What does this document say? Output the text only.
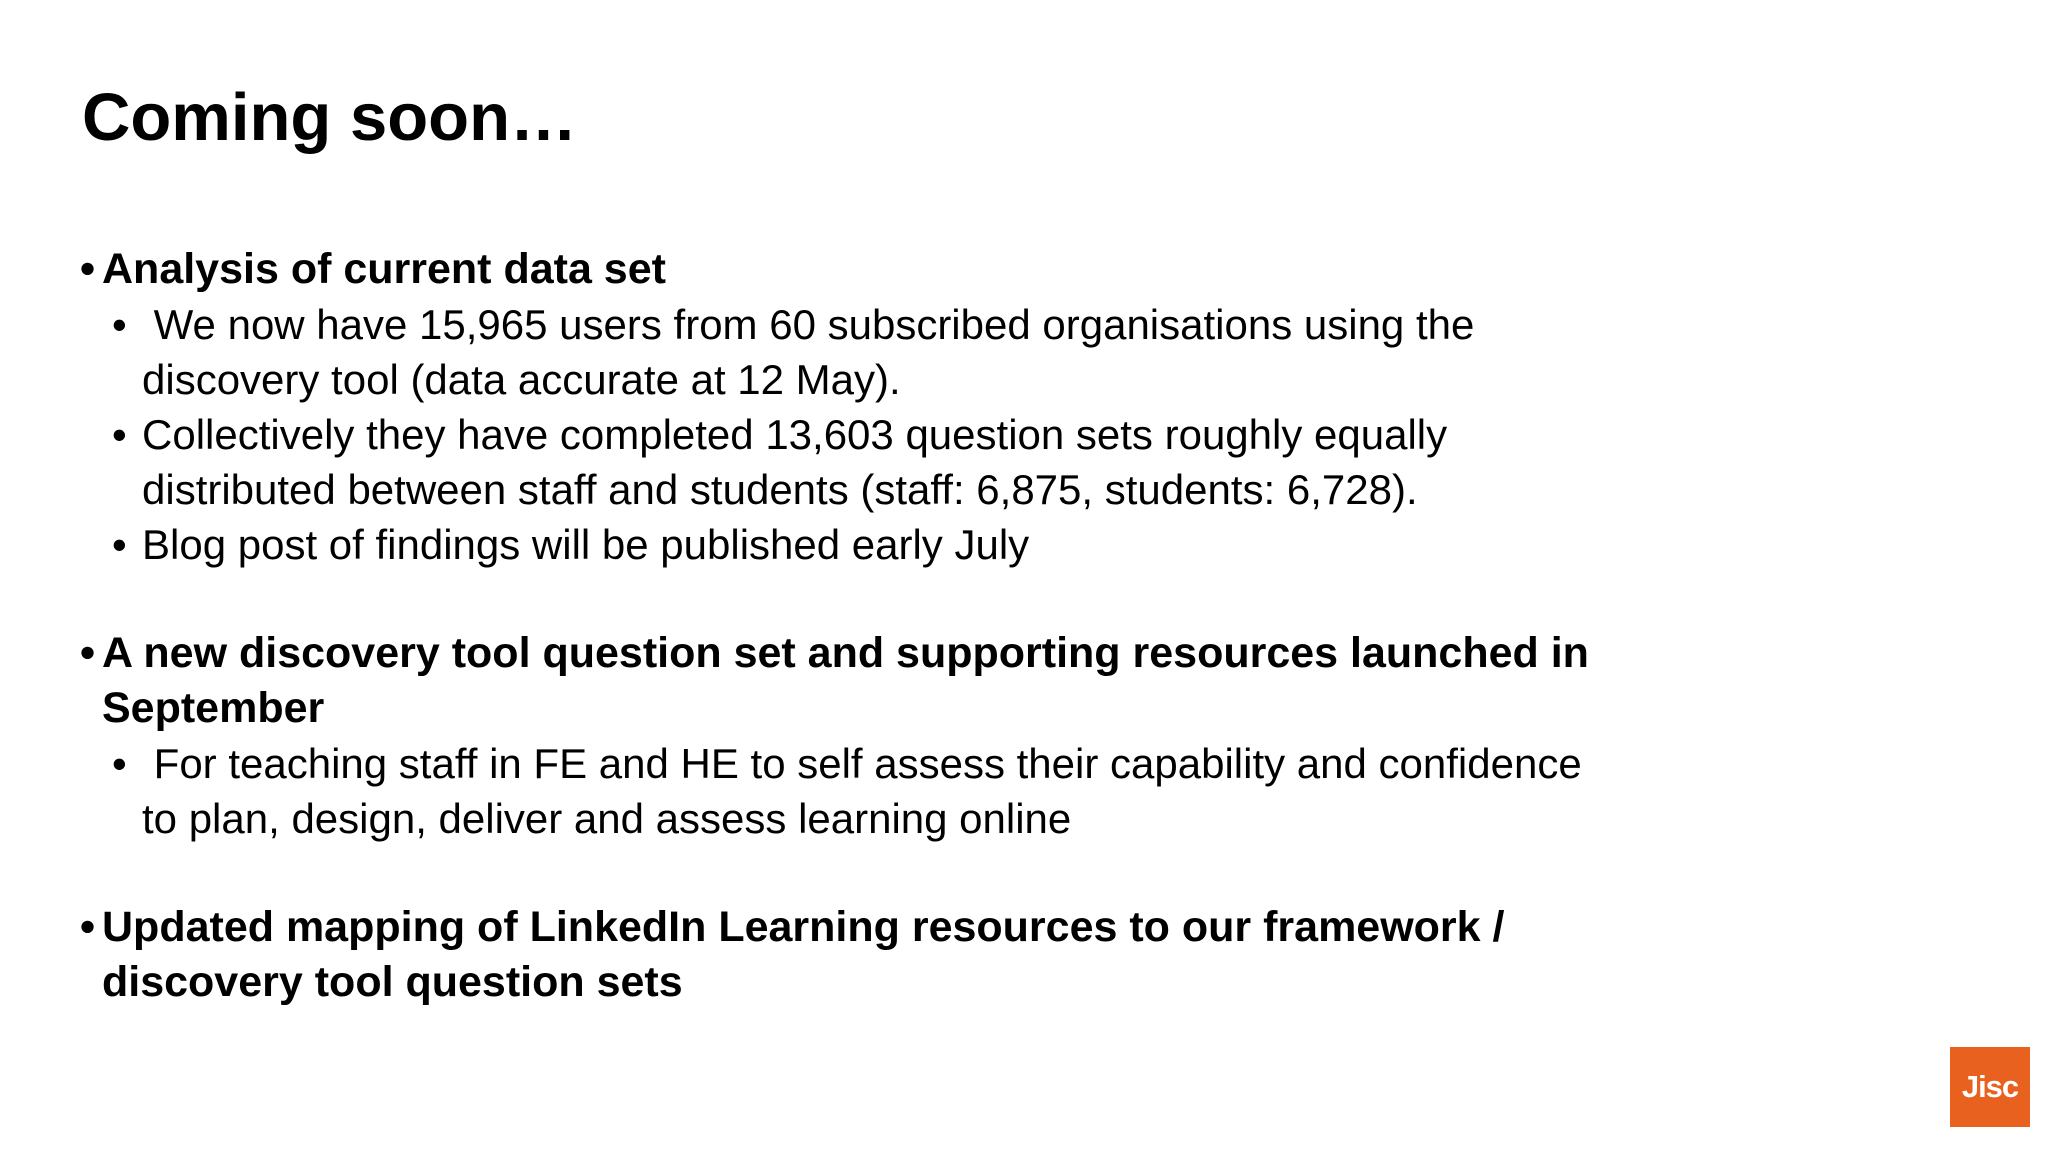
Coming soon…
• Analysis of current data set
• We now have 15,965 users from 60 subscribed organisations using the discovery tool (data accurate at 12 May).
• Collectively they have completed 13,603 question sets roughly equally distributed between staff and students (staff: 6,875, students: 6,728).
• Blog post of findings will be published early July
• A new discovery tool question set and supporting resources launched in September
• For teaching staff in FE and HE to self assess their capability and confidence to plan, design, deliver and assess learning online
• Updated mapping of LinkedIn Learning resources to our framework / discovery tool question sets
Jisc
